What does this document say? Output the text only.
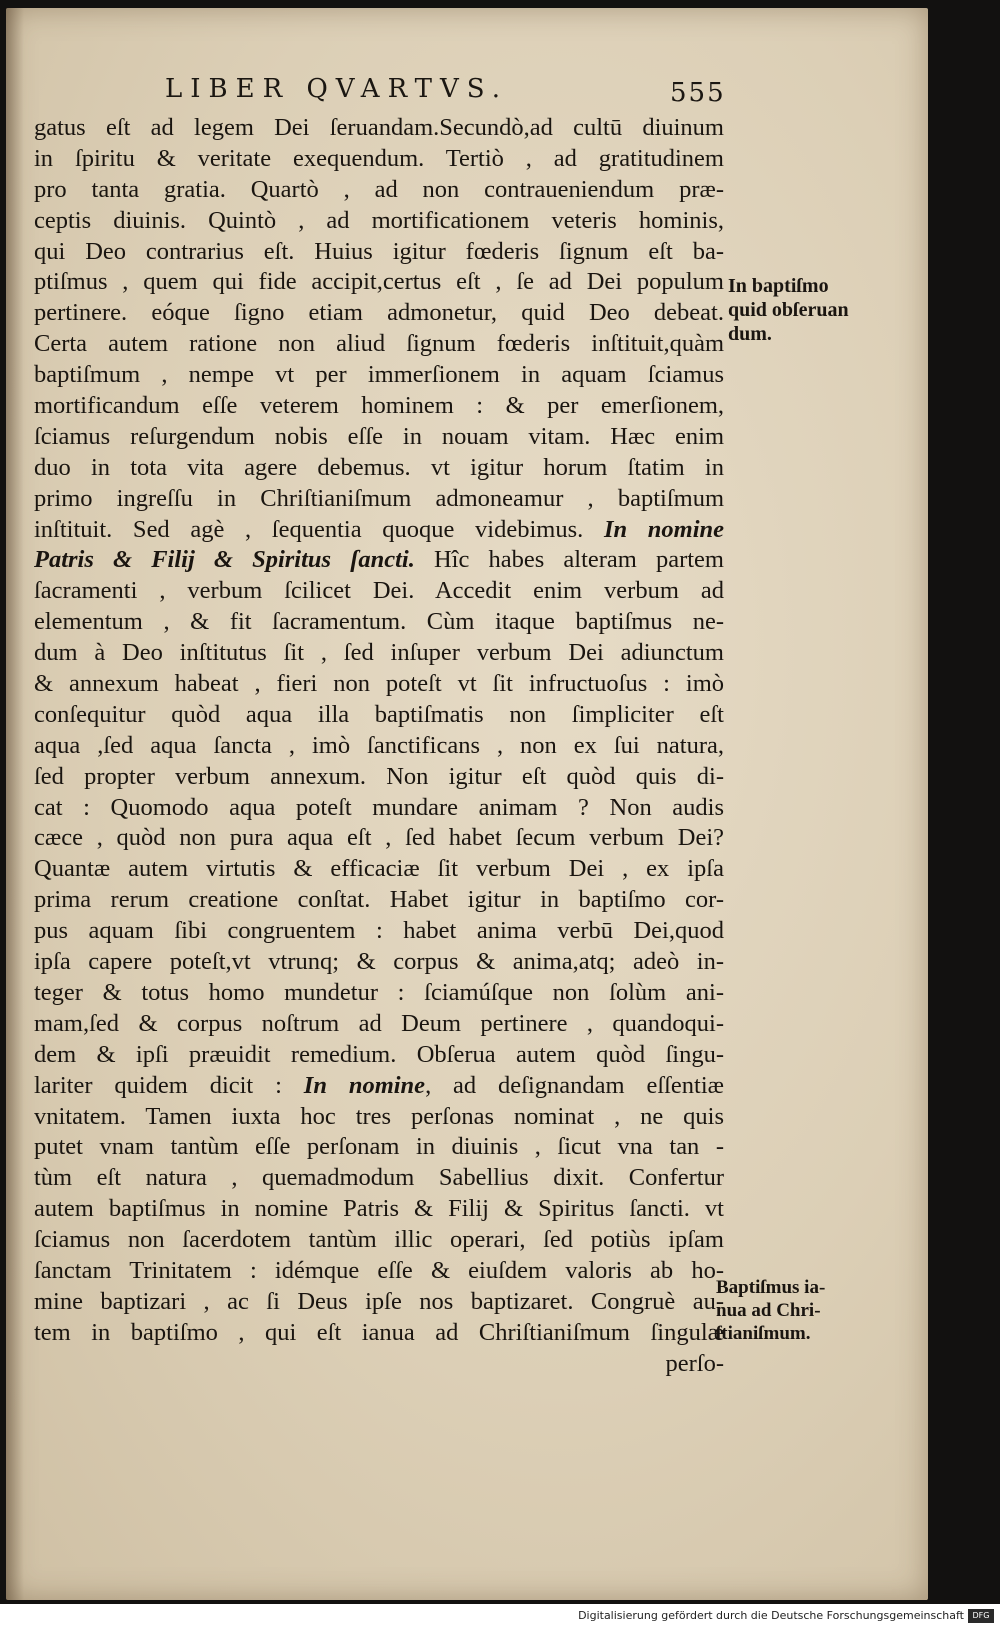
LIBER QVARTVS.	555
gatus eſt ad legem Dei ſeruandam.Secundò,ad cultū diuinum
in ſpiritu & veritate exequendum. Tertiò , ad gratitudinem
pro tanta gratia. Quartò , ad non contraueniendum præ-
ceptis diuinis. Quintò , ad mortificationem veteris hominis,
qui Deo contrarius eſt. Huius igitur fœderis ſignum eſt ba-
ptiſmus , quem qui fide accipit,certus eſt , ſe ad Dei populum
pertinere. eóque ſigno etiam admonetur, quid Deo debeat.
Certa autem ratione non aliud ſignum fœderis inſtituit,quàm
baptiſmum , nempe vt per immerſionem in aquam ſciamus
mortificandum eſſe veterem hominem : & per emerſionem,
ſciamus reſurgendum nobis eſſe in nouam vitam. Hæc enim
duo in tota vita agere debemus. vt igitur horum ſtatim in
primo ingreſſu in Chriſtianiſmum admoneamur , baptiſmum
inſtituit. Sed agè , ſequentia quoque videbimus. In nomine
Patris & Filij & Spiritus ſancti. Hîc habes alteram partem
ſacramenti , verbum ſcilicet Dei. Accedit enim verbum ad
elementum , & fit ſacramentum. Cùm itaque baptiſmus ne-
dum à Deo inſtitutus ſit , ſed inſuper verbum Dei adiunctum
& annexum habeat , fieri non poteſt vt ſit infructuoſus : imò
conſequitur quòd aqua illa baptiſmatis non ſimpliciter eſt
aqua ,ſed aqua ſancta , imò ſanctificans , non ex ſui natura,
ſed propter verbum annexum. Non igitur eſt quòd quis di-
cat : Quomodo aqua poteſt mundare animam ? Non audis
cæce , quòd non pura aqua eſt , ſed habet ſecum verbum Dei?
Quantæ autem virtutis & efficaciæ ſit verbum Dei , ex ipſa
prima rerum creatione conſtat. Habet igitur in baptiſmo cor-
pus aquam ſibi congruentem : habet anima verbū Dei,quod
ipſa capere poteſt,vt vtrunq; & corpus & anima,atq; adeò in-
teger & totus homo mundetur : ſciamúſque non ſolùm ani-
mam,ſed & corpus noſtrum ad Deum pertinere , quandoqui-
dem & ipſi præuidit remedium. Obſerua autem quòd ſingu-
lariter quidem dicit : In nomine, ad deſignandam eſſentiæ
vnitatem. Tamen iuxta hoc tres perſonas nominat , ne quis
putet vnam tantùm eſſe perſonam in diuinis , ſicut vna tan -
tùm eſt natura , quemadmodum Sabellius dixit. Confertur
autem baptiſmus in nomine Patris & Filij & Spiritus ſancti. vt
ſciamus non ſacerdotem tantùm illic operari, ſed potiùs ipſam
ſanctam Trinitatem : idémque eſſe & eiuſdem valoris ab ho-
mine baptizari , ac ſi Deus ipſe nos baptizaret. Congruè au-
tem in baptiſmo , qui eſt ianua ad Chriſtianiſmum ſingulæ
perſo-
In baptiſmo
quid obſeruan
dum.
Baptiſmus ia-
nua ad Chri-
ſtianiſmum.
Digitalisierung gefördert durch die Deutsche Forschungsgemeinschaft	DFG
